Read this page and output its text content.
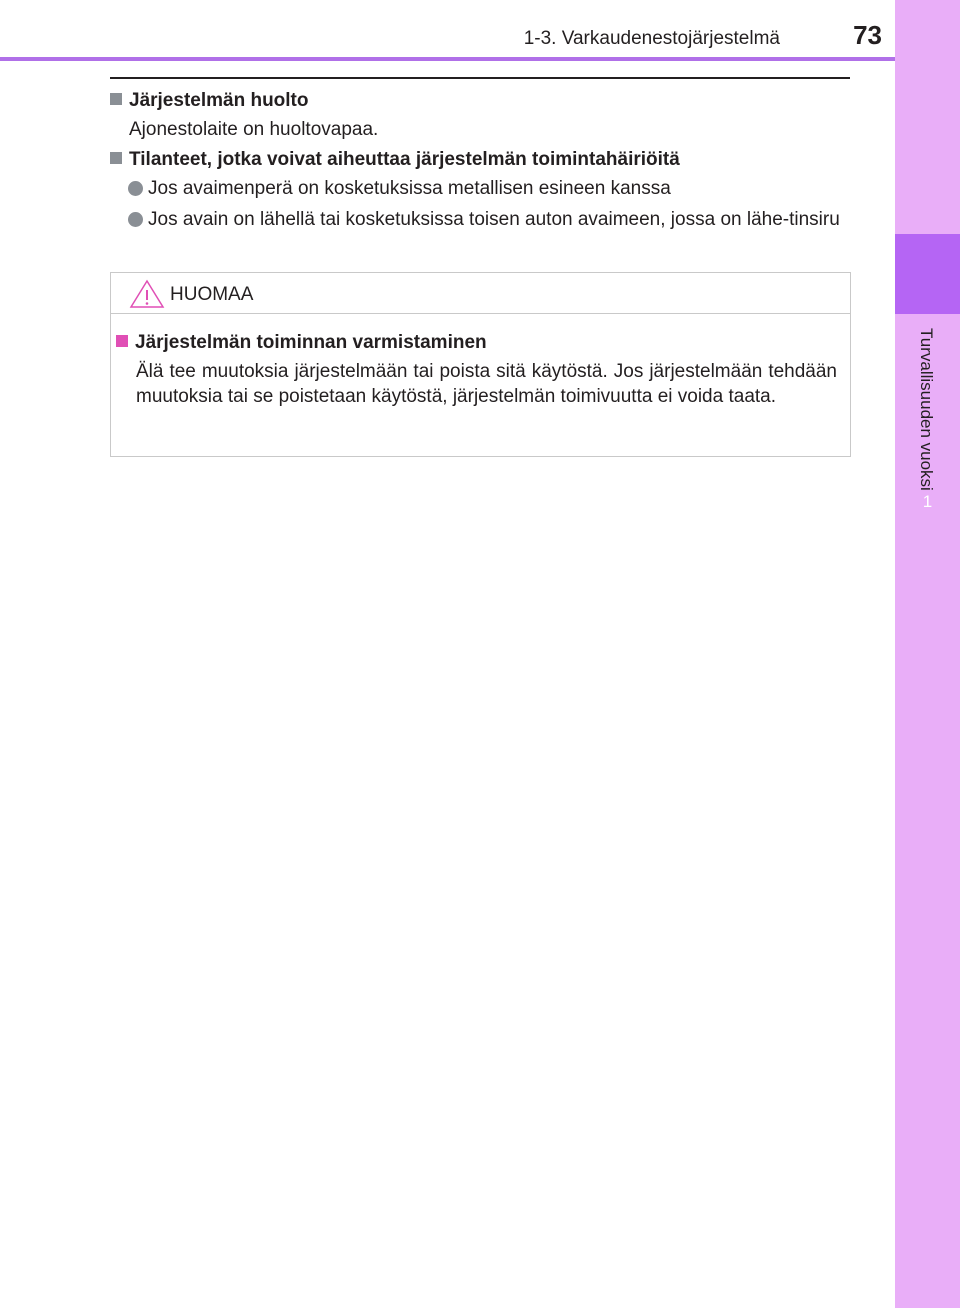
1-3. Varkaudenestojärjestelmä	73
1
Turvallisuuden vuoksi
Järjestelmän huolto
Ajonestolaite on huoltovapaa.
Tilanteet, jotka voivat aiheuttaa järjestelmän toimintahäiriöitä
Jos avaimenperä on kosketuksissa metallisen esineen kanssa
Jos avain on lähellä tai kosketuksissa toisen auton avaimeen, jossa on lähe-tinsiru
HUOMAA
Järjestelmän toiminnan varmistaminen
Älä tee muutoksia järjestelmään tai poista sitä käytöstä. Jos järjestelmään tehdään muutoksia tai se poistetaan käytöstä, järjestelmän toimivuutta ei voida taata.
